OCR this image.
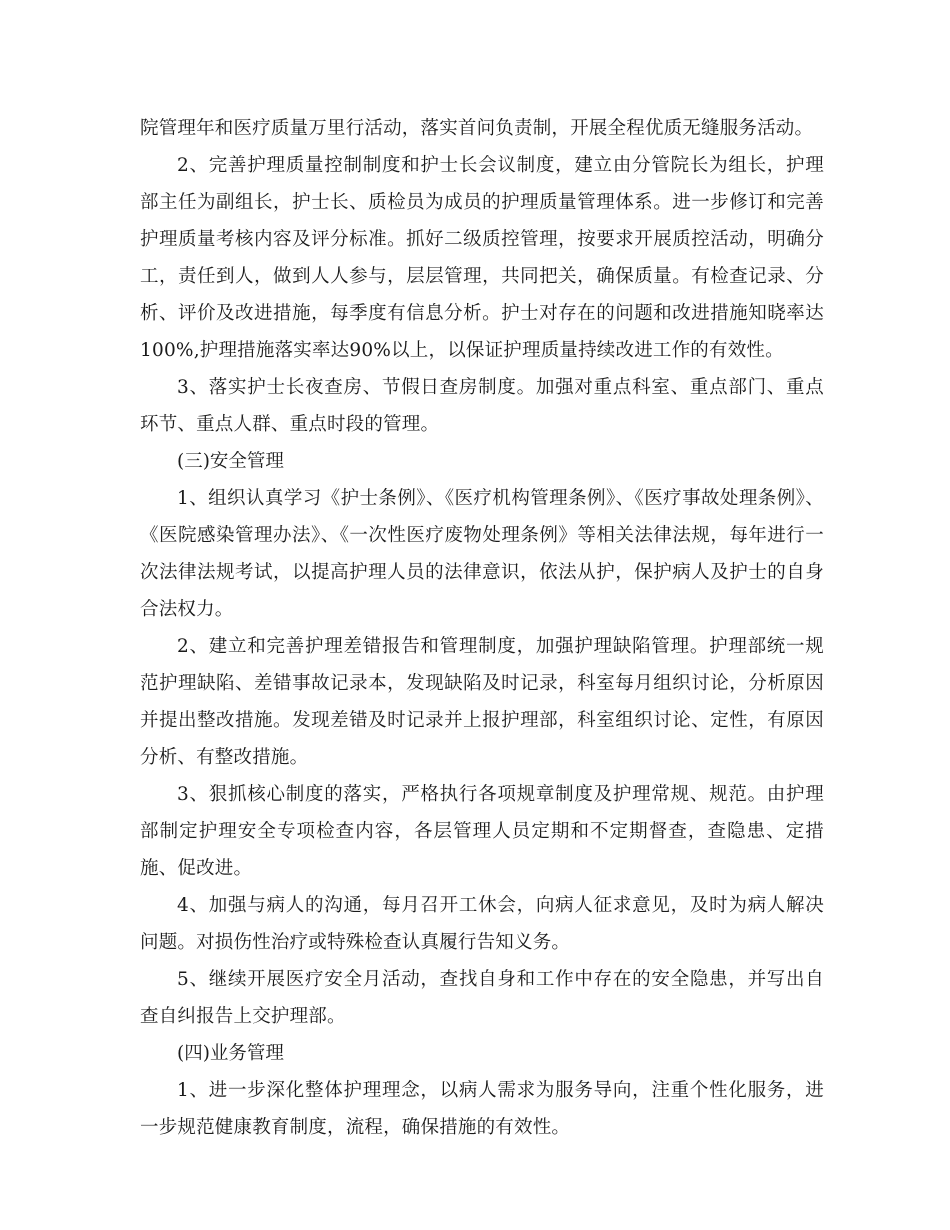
院管理年和医疗质量万里行活动，落实首问负责制，开展全程优质无缝服务活动。

2、完善护理质量控制制度和护士长会议制度，建立由分管院长为组长，护理部主任为副组长，护士长、质检员为成员的护理质量管理体系。进一步修订和完善护理质量考核内容及评分标准。抓好二级质控管理，按要求开展质控活动，明确分工，责任到人，做到人人参与，层层管理，共同把关，确保质量。有检查记录、分析、评价及改进措施，每季度有信息分析。护士对存在的问题和改进措施知晓率达100%,护理措施落实率达90%以上，以保证护理质量持续改进工作的有效性。

3、落实护士长夜查房、节假日查房制度。加强对重点科室、重点部门、重点环节、重点人群、重点时段的管理。

(三)安全管理

1、组织认真学习《护士条例》、《医疗机构管理条例》、《医疗事故处理条例》、《医院感染管理办法》、《一次性医疗废物处理条例》等相关法律法规，每年进行一次法律法规考试，以提高护理人员的法律意识，依法从护，保护病人及护士的自身合法权力。

2、建立和完善护理差错报告和管理制度，加强护理缺陷管理。护理部统一规范护理缺陷、差错事故记录本，发现缺陷及时记录，科室每月组织讨论，分析原因并提出整改措施。发现差错及时记录并上报护理部，科室组织讨论、定性，有原因分析、有整改措施。

3、狠抓核心制度的落实，严格执行各项规章制度及护理常规、规范。由护理部制定护理安全专项检查内容，各层管理人员定期和不定期督查，查隐患、定措施、促改进。

4、加强与病人的沟通，每月召开工休会，向病人征求意见，及时为病人解决问题。对损伤性治疗或特殊检查认真履行告知义务。

5、继续开展医疗安全月活动，查找自身和工作中存在的安全隐患，并写出自查自纠报告上交护理部。

(四)业务管理

1、进一步深化整体护理理念，以病人需求为服务导向，注重个性化服务，进一步规范健康教育制度，流程，确保措施的有效性。
